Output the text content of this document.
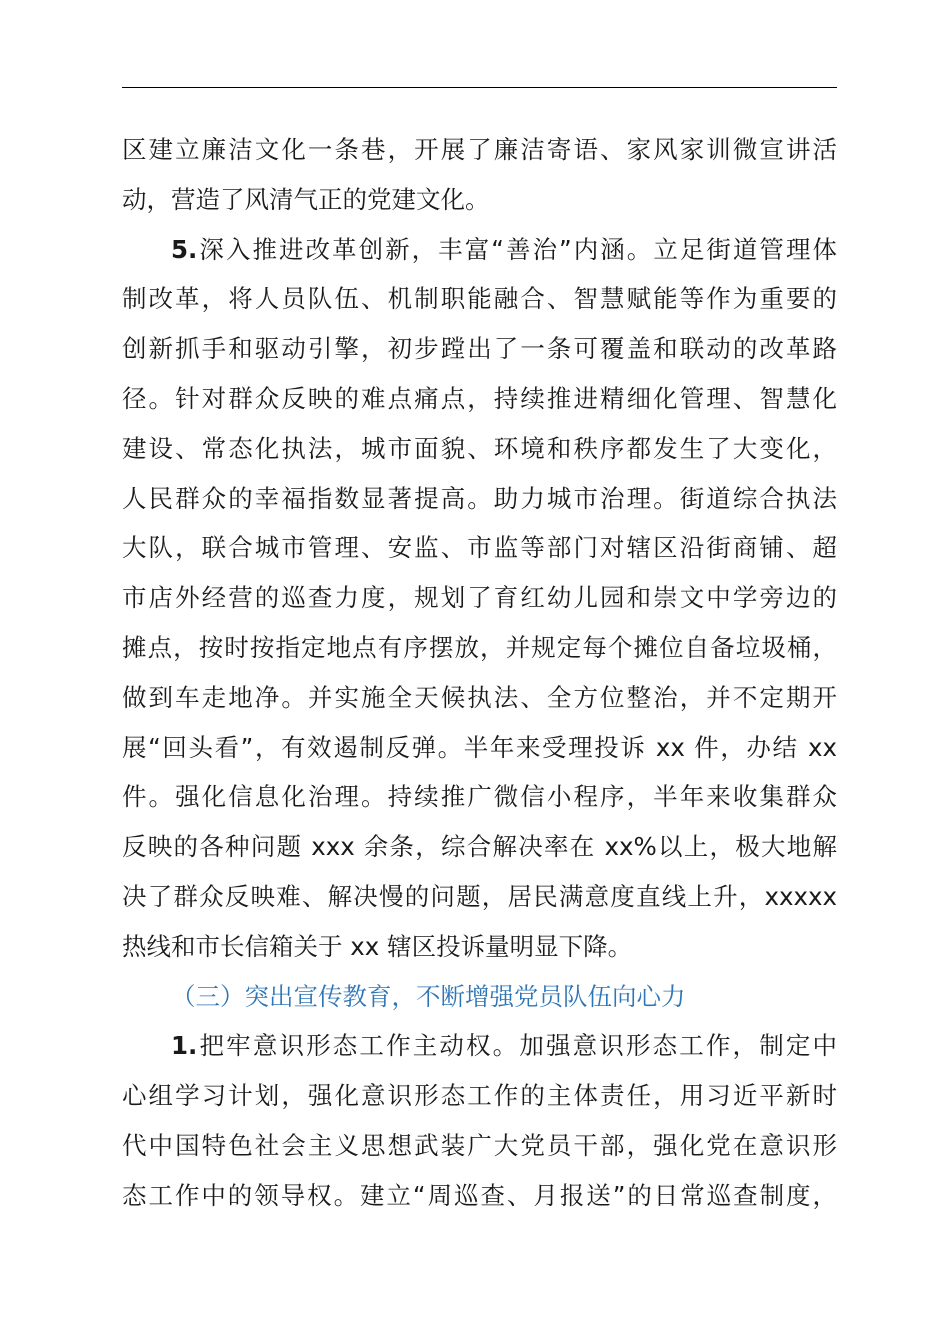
区建立廉洁文化一条巷，开展了廉洁寄语、家风家训微宣讲活
动，营造了风清气正的党建文化。
5.深入推进改革创新，丰富“善治”内涵。立足街道管理体
制改革，将人员队伍、机制职能融合、智慧赋能等作为重要的
创新抓手和驱动引擎，初步蹚出了一条可覆盖和联动的改革路
径。针对群众反映的难点痛点，持续推进精细化管理、智慧化
建设、常态化执法，城市面貌、环境和秩序都发生了大变化，
人民群众的幸福指数显著提高。助力城市治理。街道综合执法
大队，联合城市管理、安监、市监等部门对辖区沿街商铺、超
市店外经营的巡查力度，规划了育红幼儿园和崇文中学旁边的
摊点，按时按指定地点有序摆放，并规定每个摊位自备垃圾桶，
做到车走地净。并实施全天候执法、全方位整治，并不定期开
展“回头看”，有效遏制反弹。半年来受理投诉 xx 件，办结 xx
件。强化信息化治理。持续推广微信小程序，半年来收集群众
反映的各种问题 xxx 余条，综合解决率在 xx%以上，极大地解
决了群众反映难、解决慢的问题，居民满意度直线上升，xxxxx
热线和市长信箱关于 xx 辖区投诉量明显下降。
（三）突出宣传教育，不断增强党员队伍向心力
1.把牢意识形态工作主动权。加强意识形态工作，制定中
心组学习计划，强化意识形态工作的主体责任，用习近平新时
代中国特色社会主义思想武装广大党员干部，强化党在意识形
态工作中的领导权。建立“周巡查、月报送”的日常巡查制度，
